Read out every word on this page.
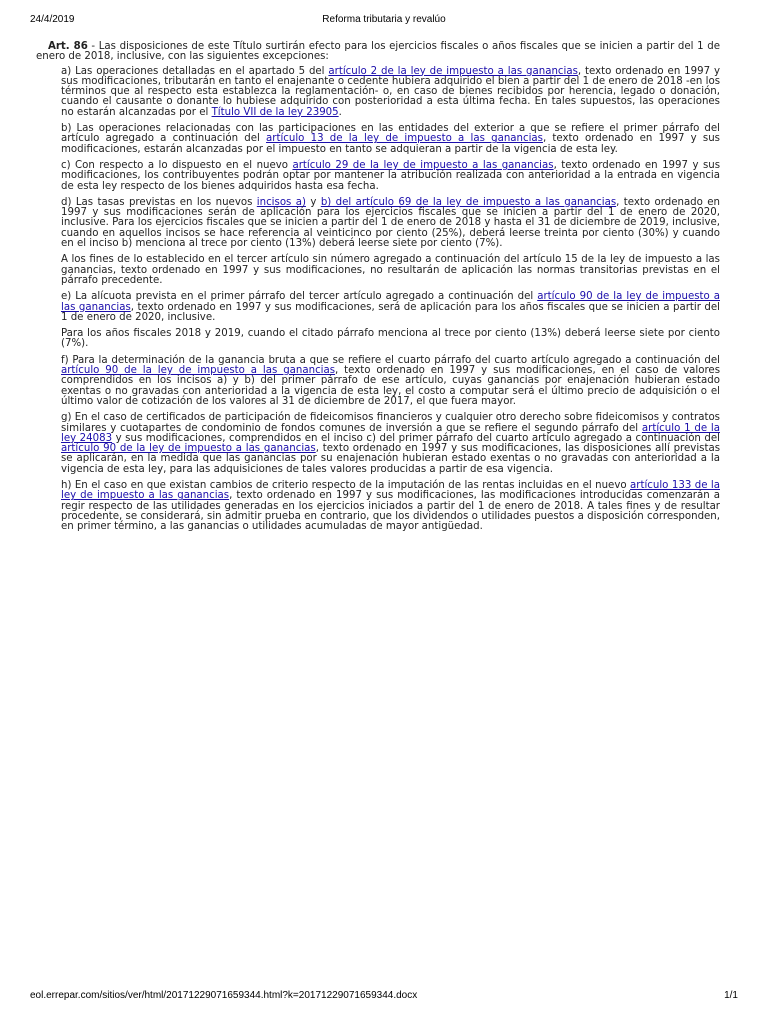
24/4/2019	Reforma tributaria y revalúo

Art. 86 - Las disposiciones de este Título surtirán efecto para los ejercicios fiscales o años fiscales que se inicien a partir del 1 de enero de 2018, inclusive, con las siguientes excepciones:

a) Las operaciones detalladas en el apartado 5 del artículo 2 de la ley de impuesto a las ganancias, texto ordenado en 1997 y sus modificaciones, tributarán en tanto el enajenante o cedente hubiera adquirido el bien a partir del 1 de enero de 2018 -en los términos que al respecto esta establezca la reglamentación- o, en caso de bienes recibidos por herencia, legado o donación, cuando el causante o donante lo hubiese adquirido con posterioridad a esta última fecha. En tales supuestos, las operaciones no estarán alcanzadas por el Título VII de la ley 23905.

b) Las operaciones relacionadas con las participaciones en las entidades del exterior a que se refiere el primer párrafo del artículo agregado a continuación del artículo 13 de la ley de impuesto a las ganancias, texto ordenado en 1997 y sus modificaciones, estarán alcanzadas por el impuesto en tanto se adquieran a partir de la vigencia de esta ley.

c) Con respecto a lo dispuesto en el nuevo artículo 29 de la ley de impuesto a las ganancias, texto ordenado en 1997 y sus modificaciones, los contribuyentes podrán optar por mantener la atribución realizada con anterioridad a la entrada en vigencia de esta ley respecto de los bienes adquiridos hasta esa fecha.

d) Las tasas previstas en los nuevos incisos a) y b) del artículo 69 de la ley de impuesto a las ganancias, texto ordenado en 1997 y sus modificaciones serán de aplicación para los ejercicios fiscales que se inicien a partir del 1 de enero de 2020, inclusive. Para los ejercicios fiscales que se inicien a partir del 1 de enero de 2018 y hasta el 31 de diciembre de 2019, inclusive, cuando en aquellos incisos se hace referencia al veinticinco por ciento (25%), deberá leerse treinta por ciento (30%) y cuando en el inciso b) menciona al trece por ciento (13%) deberá leerse siete por ciento (7%).

A los fines de lo establecido en el tercer artículo sin número agregado a continuación del artículo 15 de la ley de impuesto a las ganancias, texto ordenado en 1997 y sus modificaciones, no resultarán de aplicación las normas transitorias previstas en el párrafo precedente.

e) La alícuota prevista en el primer párrafo del tercer artículo agregado a continuación del artículo 90 de la ley de impuesto a las ganancias, texto ordenado en 1997 y sus modificaciones, será de aplicación para los años fiscales que se inicien a partir del 1 de enero de 2020, inclusive.

Para los años fiscales 2018 y 2019, cuando el citado párrafo menciona al trece por ciento (13%) deberá leerse siete por ciento (7%).

f) Para la determinación de la ganancia bruta a que se refiere el cuarto párrafo del cuarto artículo agregado a continuación del artículo 90 de la ley de impuesto a las ganancias, texto ordenado en 1997 y sus modificaciones, en el caso de valores comprendidos en los incisos a) y b) del primer párrafo de ese artículo, cuyas ganancias por enajenación hubieran estado exentas o no gravadas con anterioridad a la vigencia de esta ley, el costo a computar será el último precio de adquisición o el último valor de cotización de los valores al 31 de diciembre de 2017, el que fuera mayor.

g) En el caso de certificados de participación de fideicomisos financieros y cualquier otro derecho sobre fideicomisos y contratos similares y cuotapartes de condominio de fondos comunes de inversión a que se refiere el segundo párrafo del artículo 1 de la ley 24083 y sus modificaciones, comprendidos en el inciso c) del primer párrafo del cuarto artículo agregado a continuación del artículo 90 de la ley de impuesto a las ganancias, texto ordenado en 1997 y sus modificaciones, las disposiciones allí previstas se aplicarán, en la medida que las ganancias por su enajenación hubieran estado exentas o no gravadas con anterioridad a la vigencia de esta ley, para las adquisiciones de tales valores producidas a partir de esa vigencia.

h) En el caso en que existan cambios de criterio respecto de la imputación de las rentas incluidas en el nuevo artículo 133 de la ley de impuesto a las ganancias, texto ordenado en 1997 y sus modificaciones, las modificaciones introducidas comenzarán a regir respecto de las utilidades generadas en los ejercicios iniciados a partir del 1 de enero de 2018. A tales fines y de resultar procedente, se considerará, sin admitir prueba en contrario, que los dividendos o utilidades puestos a disposición corresponden, en primer término, a las ganancias o utilidades acumuladas de mayor antigüedad.

eol.errepar.com/sitios/ver/html/20171229071659344.html?k=20171229071659344.docx	1/1
